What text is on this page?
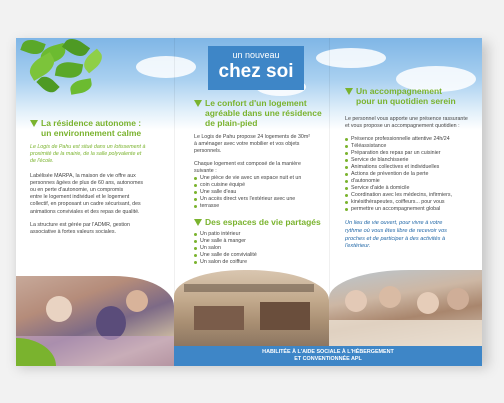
un nouveau
chez soi
La résidence autonome :
un environnement calme
Le Logis de Pahu est situé dans un lotissement à
proximité de la mairie, de la salle polyvalente et
de l'école.
Labélisée MARPA, la maison de vie offre aux
personnes âgées de plus de 60 ans, autonomes
ou en perte d'autonomie, un compromis
entre le logement individuel et le logement
collectif, en proposant un cadre sécurisant, des
animations conviviales et des repas de qualité.
La structure est gérée par l'ADMR, gestion
associative à fortes valeurs sociales.
Le confort d'un logement
agréable dans une résidence
de plain-pied
Le Logis de Pahu propose 24 logements de 30m²
à aménager avec votre mobilier et vos objets
personnels.
Chaque logement est composé de la manière
suivante :
Une pièce de vie avec un espace nuit et un
coin cuisine équipé
Une salle d'eau
Un accès direct vers l'extérieur avec une
terrasse
Des espaces de vie partagés
Un patio intérieur
Une salle à manger
Un salon
Une salle de convivialité
Un salon de coiffure
Un accompagnement
pour un quotidien serein
Le personnel vous apporte une présence rassurante
et vous propose un accompagnement quotidien :
Présence professionnelle attentive 24h/24
Téléassistance
Préparation des repas par un cuisinier
Service de blanchisserie
Animations collectives et individuelles
Actions de prévention de la perte
d'autonomie
Service d'aide à domicile
Coordination avec les médecins, infirmiers,
kinésithérapeutes, coiffeurs... pour vous
permettre un accompagnement global
Un lieu de vie ouvert, pour vivre à votre
rythme où vous êtes libre de recevoir vos
proches et de participer à des activités à
l'extérieur.
HABILITÉE À L'AIDE SOCIALE À L'HÉBERGEMENT
ET CONVENTIONNÉE APL
